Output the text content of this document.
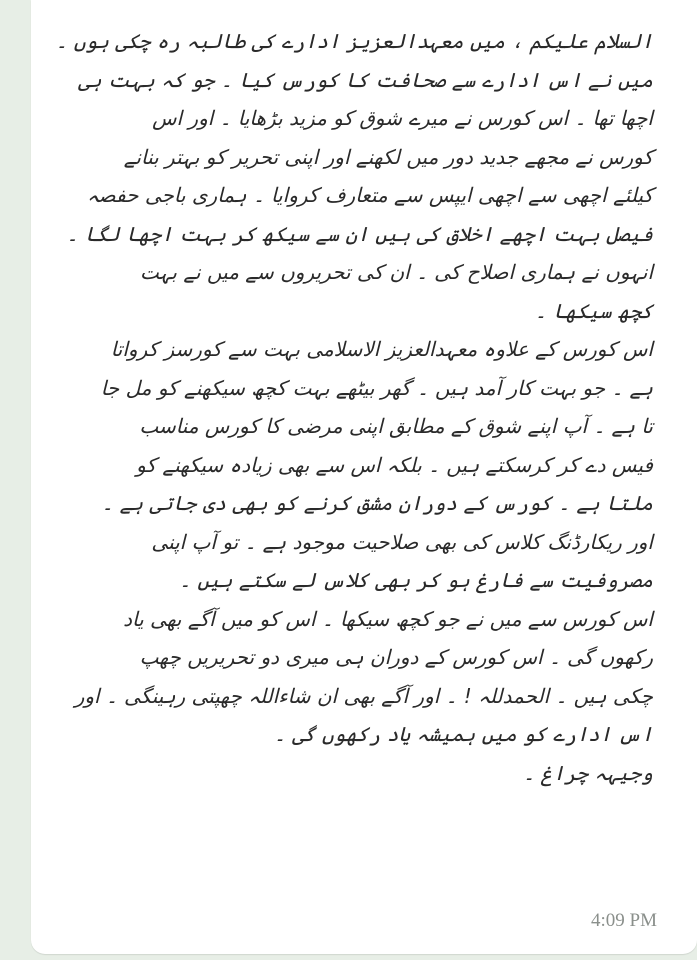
السلام علیکم ، میں معہدالعزیز ادارے کی طالبہ رہ چکی ہوں ۔
میں نے اس ادارے سے صحافت کا کورس کیا ۔ جو کہ بہت ہی
اچھا تھا ۔ اس کورس نے میرے شوق کو مزید بڑھایا ۔ اور اس
کورس نے مجھے جدید دور میں لکھنے اور اپنی تحریر کو بہتر بنانے
کیلئے اچھی سے اچھی ایپس سے متعارف کروایا ۔ ہماری باجی حفصہ
فیصل بہت اچھے اخلاق کی ہیں ان سے سیکھ کر بہت اچھا لگا ۔
انہوں نے ہماری اصلاح کی ۔ ان کی تحریروں سے میں نے بہت
کچھ سیکھا ۔
اس کورس کے علاوہ معہدالعزیز الاسلامی بہت سے کورسز کرواتا
ہے ۔ جو بہت کار آمد ہیں ۔ گھر بیٹھے بہت کچھ سیکھنے کو مل جا
تا ہے ۔ آپ اپنے شوق کے مطابق اپنی مرضی کا کورس مناسب
فیس دے کر کرسکتے ہیں ۔ بلکہ اس سے بھی زیادہ سیکھنے کو
ملتا ہے ۔ کورس کے دوران مشق کرنے کو بھی دی جاتی ہے ۔
اور ریکارڈنگ کلاس کی بھی صلاحیت موجود ہے ۔ تو آپ اپنی
مصروفیت سے فارغ ہو کر بھی کلاس لے سکتے ہیں ۔
اس کورس سے میں نے جو کچھ سیکھا ۔ اس کو میں آگے بھی یاد
رکھوں گی ۔ اس کورس کے دوران ہی میری دو تحریریں چھپ
چکی ہیں ۔ الحمدللہ ! ۔ اور آگے بھی ان شاءاللہ چھپتی رہینگی ۔ اور
اس ادارے کو میں ہمیشہ یاد رکھوں گی ۔
وجیہہ چراغ ۔
4:09 PM
